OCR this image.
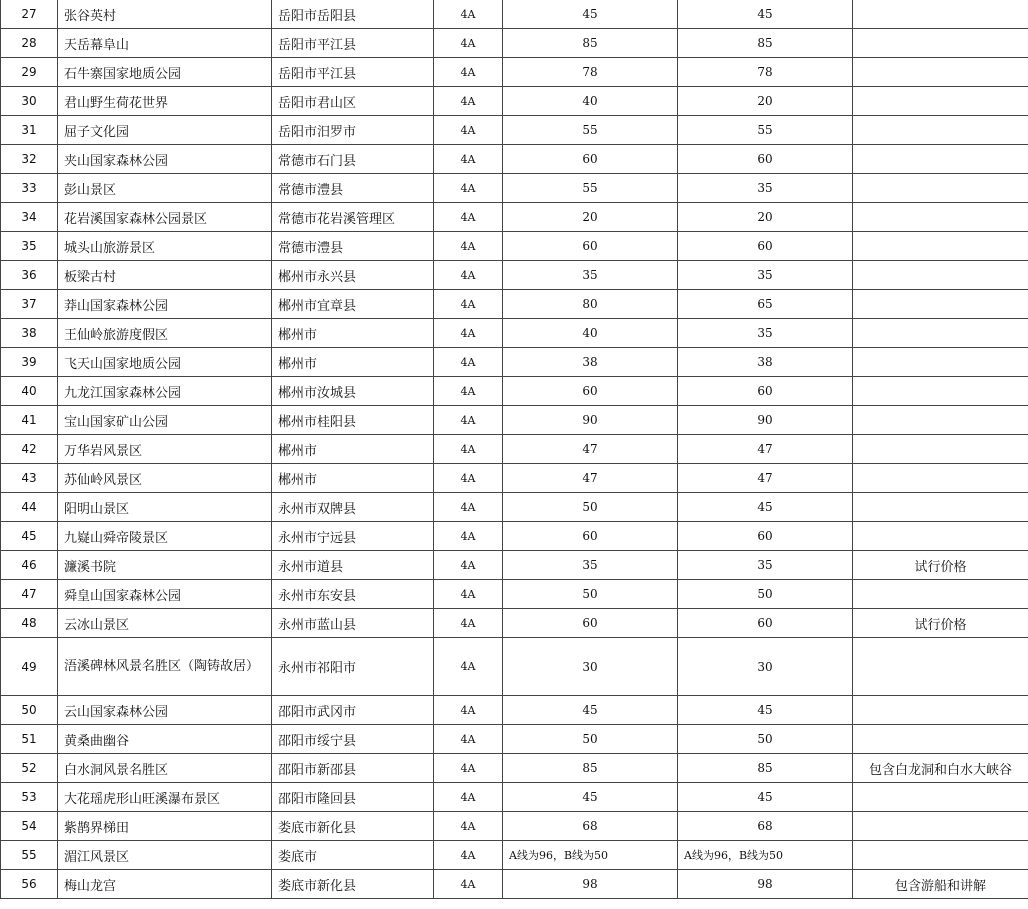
27	张谷英村	岳阳市岳阳县	4A	45	45	
28	天岳幕阜山	岳阳市平江县	4A	85	85	
29	石牛寨国家地质公园	岳阳市平江县	4A	78	78	
30	君山野生荷花世界	岳阳市君山区	4A	40	20	
31	屈子文化园	岳阳市汨罗市	4A	55	55	
32	夹山国家森林公园	常德市石门县	4A	60	60	
33	彭山景区	常德市澧县	4A	55	35	
34	花岩溪国家森林公园景区	常德市花岩溪管理区	4A	20	20	
35	城头山旅游景区	常德市澧县	4A	60	60	
36	板梁古村	郴州市永兴县	4A	35	35	
37	莽山国家森林公园	郴州市宜章县	4A	80	65	
38	王仙岭旅游度假区	郴州市	4A	40	35	
39	飞天山国家地质公园	郴州市	4A	38	38	
40	九龙江国家森林公园	郴州市汝城县	4A	60	60	
41	宝山国家矿山公园	郴州市桂阳县	4A	90	90	
42	万华岩风景区	郴州市	4A	47	47	
43	苏仙岭风景区	郴州市	4A	47	47	
44	阳明山景区	永州市双牌县	4A	50	45	
45	九嶷山舜帝陵景区	永州市宁远县	4A	60	60	
46	濂溪书院	永州市道县	4A	35	35	试行价格
47	舜皇山国家森林公园	永州市东安县	4A	50	50	
48	云冰山景区	永州市蓝山县	4A	60	60	试行价格
49	浯溪碑林风景名胜区（陶铸故居）	永州市祁阳市	4A	30	30	
50	云山国家森林公园	邵阳市武冈市	4A	45	45	
51	黄桑曲幽谷	邵阳市绥宁县	4A	50	50	
52	白水洞风景名胜区	邵阳市新邵县	4A	85	85	包含白龙洞和白水大峡谷
53	大花瑶虎形山旺溪瀑布景区	邵阳市隆回县	4A	45	45	
54	紫鹊界梯田	娄底市新化县	4A	68	68	
55	湄江风景区	娄底市	4A	A线为96，B线为50	A线为96，B线为50	
56	梅山龙宫	娄底市新化县	4A	98	98	包含游船和讲解
